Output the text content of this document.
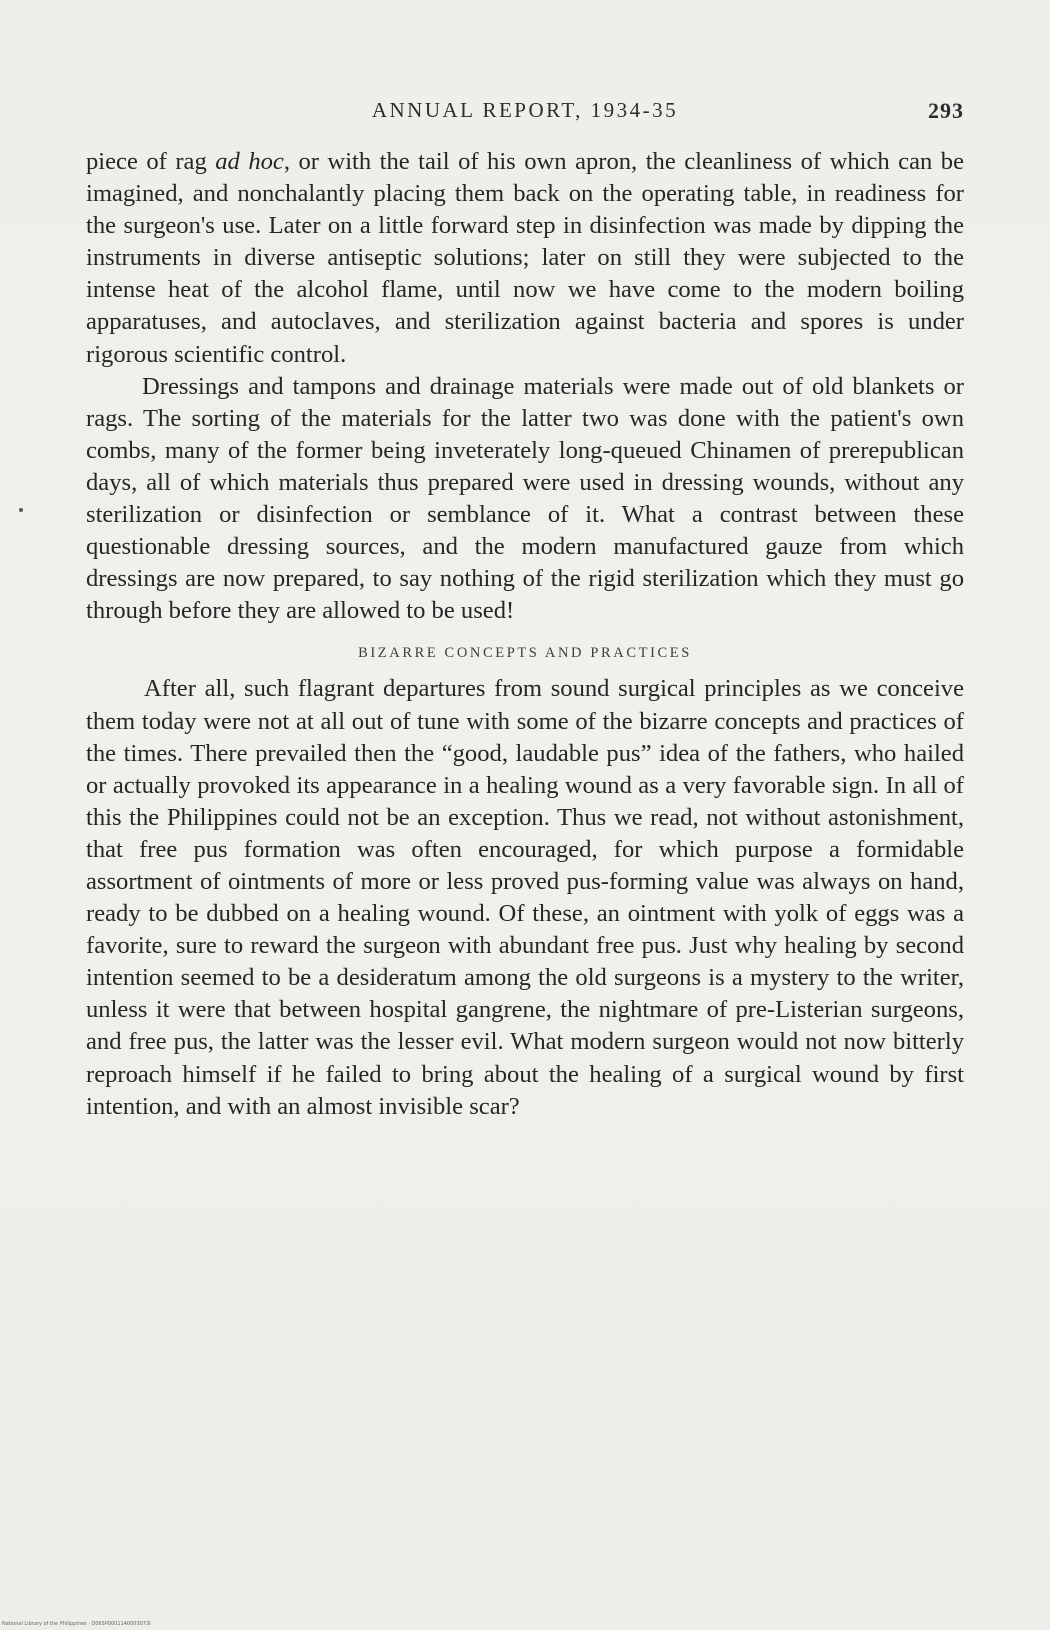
ANNUAL REPORT, 1934-35	293

piece of rag ad hoc, or with the tail of his own apron, the cleanliness of which can be imagined, and nonchalantly placing them back on the operating table, in readiness for the surgeon's use. Later on a little forward step in disinfection was made by dipping the instruments in diverse antiseptic solutions; later on still they were subjected to the intense heat of the alcohol flame, until now we have come to the modern boiling apparatuses, and autoclaves, and sterilization against bacteria and spores is under rigorous scientific control.

Dressings and tampons and drainage materials were made out of old blankets or rags. The sorting of the materials for the latter two was done with the patient's own combs, many of the former being inveterately long-queued Chinamen of prerepublican days, all of which materials thus prepared were used in dressing wounds, without any sterilization or disinfection or semblance of it. What a contrast between these questionable dressing sources, and the modern manufactured gauze from which dressings are now prepared, to say nothing of the rigid sterilization which they must go through before they are allowed to be used!

BIZARRE CONCEPTS AND PRACTICES

After all, such flagrant departures from sound surgical principles as we conceive them today were not at all out of tune with some of the bizarre concepts and practices of the times. There prevailed then the “good, laudable pus” idea of the fathers, who hailed or actually provoked its appearance in a healing wound as a very favorable sign. In all of this the Philippines could not be an exception. Thus we read, not without astonishment, that free pus formation was often encouraged, for which purpose a formidable assortment of ointments of more or less proved pus-forming value was always on hand, ready to be dubbed on a healing wound. Of these, an ointment with yolk of eggs was a favorite, sure to reward the surgeon with abundant free pus. Just why healing by second intention seemed to be a desideratum among the old surgeons is a mystery to the writer, unless it were that between hospital gangrene, the nightmare of pre-Listerian surgeons, and free pus, the latter was the lesser evil. What modern surgeon would not now bitterly reproach himself if he failed to bring about the healing of a surgical wound by first intention, and with an almost invisible scar?

National Library of the Philippines · D065P0001140003073I
